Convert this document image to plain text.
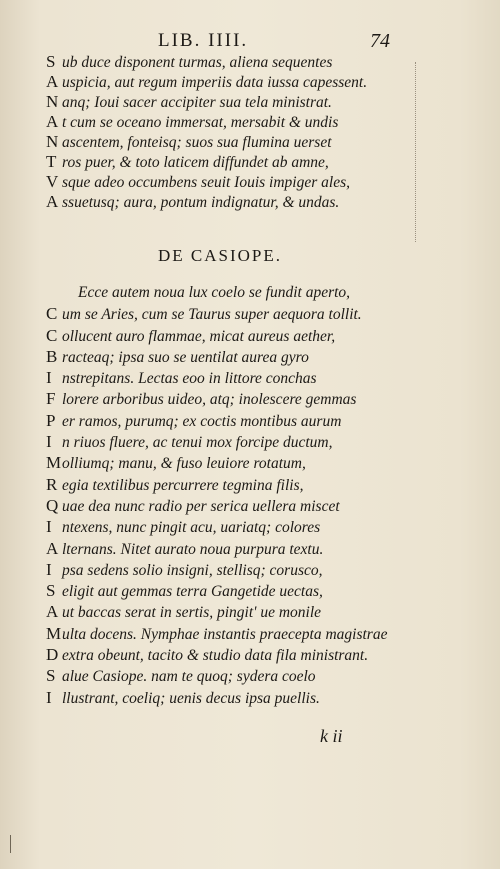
LIB. IIII.	74
S ub duce disponent turmas, aliena sequentes
A uspicia, aut regum imperiis data iussa capessent.
N anq; Ioui sacer accipiter sua tela ministrat.
A t cum se oceano immersat, mersabit & undis
N ascentem, fonteisq; suos sua flumina uerset
T ros puer, & toto laticem diffundet ab amne,
V sque adeo occumbens seuit Iouis impiger ales,
A ssuetusq; aura, pontum indignatur, & undas.
DE CASIOPE.
Ecce autem noua lux coelo se fundit aperto,
C um se Aries, cum se Taurus super aequora tollit.
C ollucent auro flammae, micat aureus aether,
B racteaq; ipsa suo se uentilat aurea gyro
I nstrepitans. Lectas eoo in littore conchas
F lorere arboribus uideo, atq; inolescere gemmas
P er ramos, purumq; ex coctis montibus aurum
I n riuos fluere, ac tenui mox forcipe ductum,
Molliumq; manu, & fuso leuiore rotatum,
R egia textilibus percurrere tegmina filis,
Q uae dea nunc radio per serica uellera miscet
I ntexens, nunc pingit acu, uariatq; colores
A lternans. Nitet aurato noua purpura textu.
I psa sedens solio insigni, stellisq; coruscо,
S eligit aut gemmas terra Gangetide uectas,
A ut baccas serat in sertis, pingit' ue monile
Multa docens. Nymphae instantis praecepta magistrae
D extra obeunt, tacito & studio data fila ministrant.
S alue Casiope. nam te quoq; sydera coelo
I llustrant, coeliq; uenis decus ipsa puellis.
k ii
